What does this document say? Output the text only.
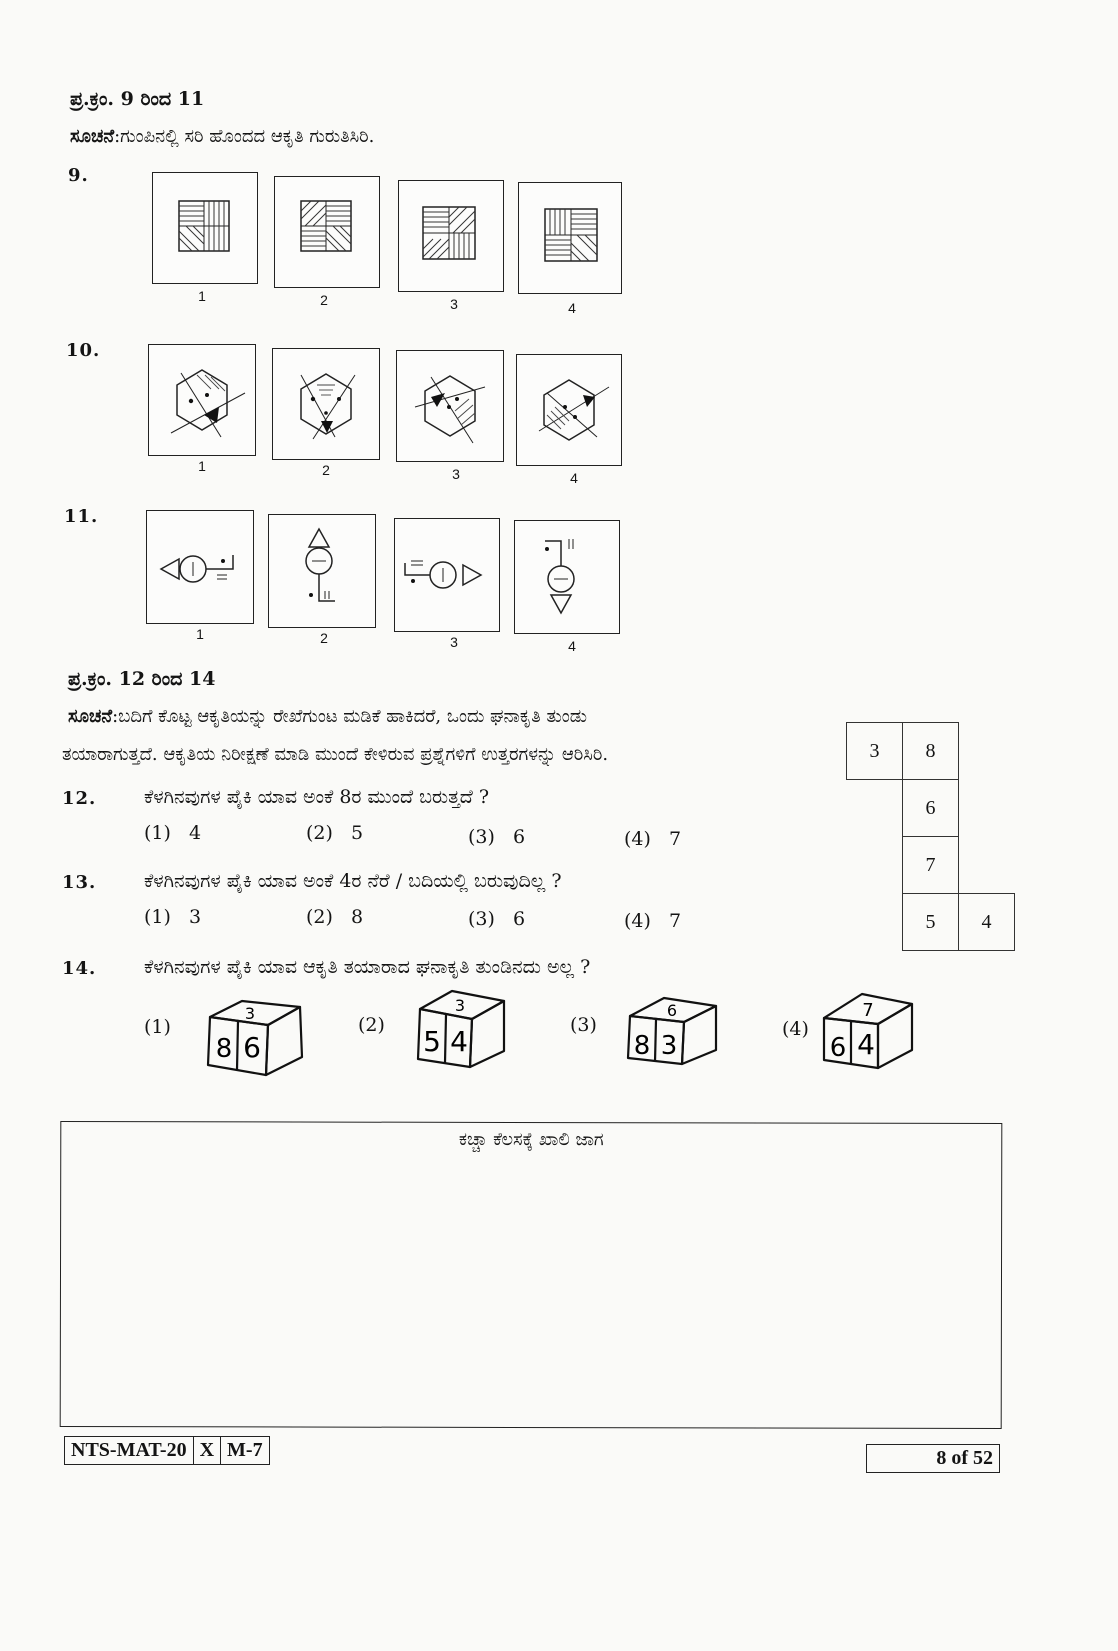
ಪ್ರ.ಕ್ರಂ. 9 ರಿಂದ 11
ಸೂಚನೆ:ಗುಂಪಿನಲ್ಲಿ ಸರಿ ಹೊಂದದ ಆಕೃತಿ ಗುರುತಿಸಿರಿ.
9.
1	2	3	4
10.
1	2	3	4
11.
1	2	3	4
ಪ್ರ.ಕ್ರಂ. 12 ರಿಂದ 14
ಸೂಚನೆ:ಬದಿಗೆ ಕೊಟ್ಟ ಆಕೃತಿಯನ್ನು ರೇಖೆಗುಂಟ ಮಡಿಕೆ ಹಾಕಿದರೆ, ಒಂದು ಘನಾಕೃತಿ ತುಂಡು
ತಯಾರಾಗುತ್ತದೆ. ಆಕೃತಿಯ ನಿರೀಕ್ಷಣೆ ಮಾಡಿ ಮುಂದೆ ಕೇಳಿರುವ ಪ್ರಶ್ನೆಗಳಿಗೆ ಉತ್ತರಗಳನ್ನು ಆರಿಸಿರಿ.	3	8	
	6	
	7	
	5	4
12.	ಕೆಳಗಿನವುಗಳ ಪೈಕಿ ಯಾವ ಅಂಕೆ 8ರ ಮುಂದೆ ಬರುತ್ತದೆ ?
(1) 4	(2) 5	(3) 6	(4) 7
13.	ಕೆಳಗಿನವುಗಳ ಪೈಕಿ ಯಾವ ಅಂಕೆ 4ರ ನೆರೆ / ಬದಿಯಲ್ಲಿ ಬರುವುದಿಲ್ಲ ?
(1) 3	(2) 8	(3) 6	(4) 7
14.	ಕೆಳಗಿನವುಗಳ ಪೈಕಿ ಯಾವ ಆಕೃತಿ ತಯಾರಾದ ಘನಾಕೃತಿ ತುಂಡಿನದು ಅಲ್ಲ ?
(1)
3
8 6
(2)
3
5 4	(3)
6
8 3
(4)
7
6 4
ಕಚ್ಚಾ ಕೆಲಸಕ್ಕೆ ಖಾಲಿ ಜಾಗ
NTS-MAT-20 X M-7	8 of 52
